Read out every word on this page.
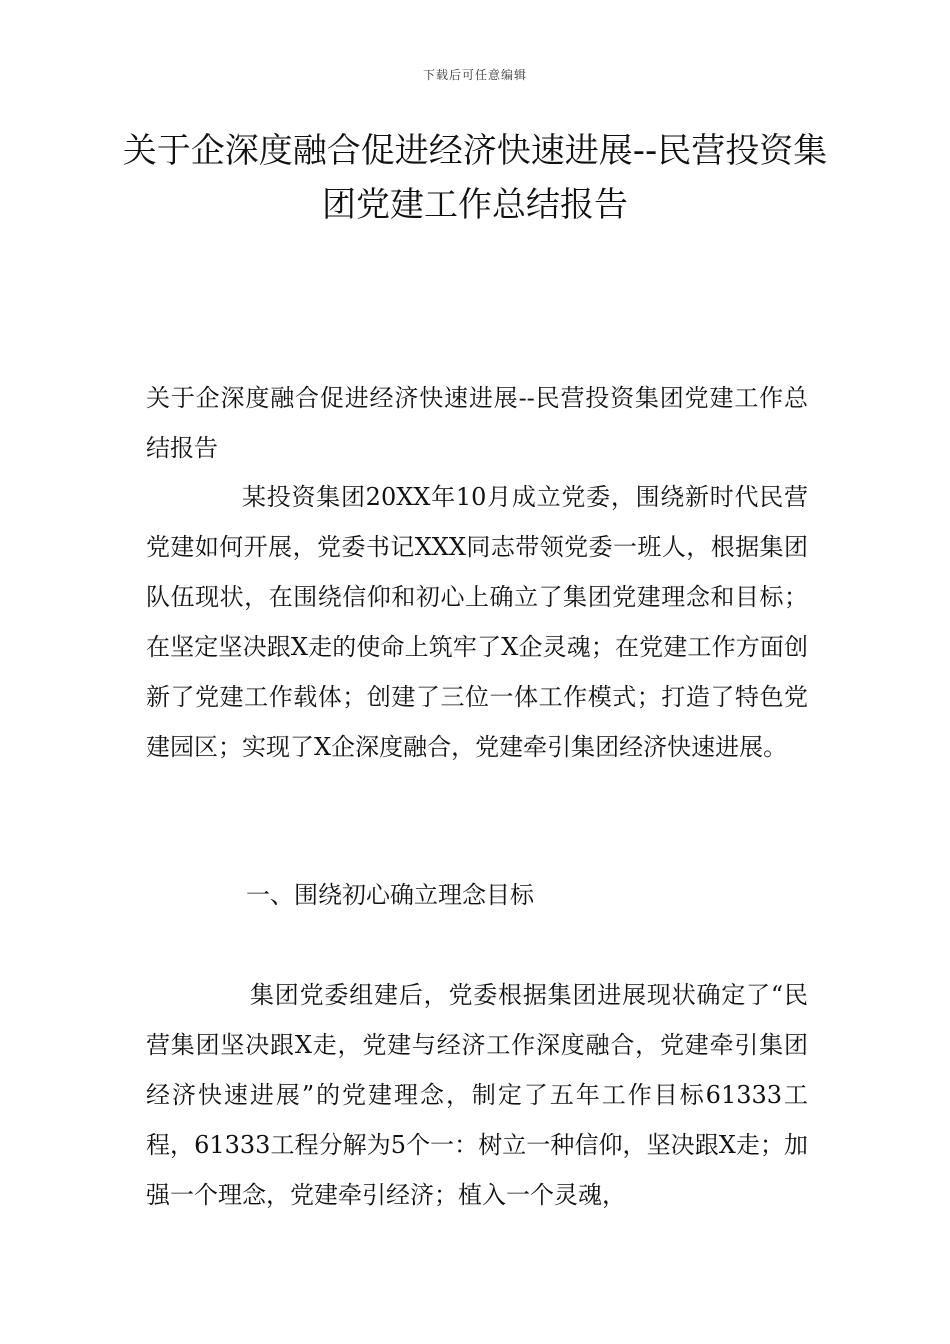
下载后可任意编辑
关于企深度融合促进经济快速进展--民营投资集团党建工作总结报告

关于企深度融合促进经济快速进展--民营投资集团党建工作总结报告

某投资集团20XX年10月成立党委，围绕新时代民营党建如何开展，党委书记XXX同志带领党委一班人，根据集团队伍现状，在围绕信仰和初心上确立了集团党建理念和目标；在坚定坚决跟X走的使命上筑牢了X企灵魂；在党建工作方面创新了党建工作载体；创建了三位一体工作模式；打造了特色党建园区；实现了X企深度融合，党建牵引集团经济快速进展。

一、围绕初心确立理念目标

集团党委组建后，党委根据集团进展现状确定了“民营集团坚决跟X走，党建与经济工作深度融合，党建牵引集团经济快速进展”的党建理念，制定了五年工作目标61333工程，61333工程分解为5个一：树立一种信仰，坚决跟X走；加强一个理念，党建牵引经济；植入一个灵魂，
